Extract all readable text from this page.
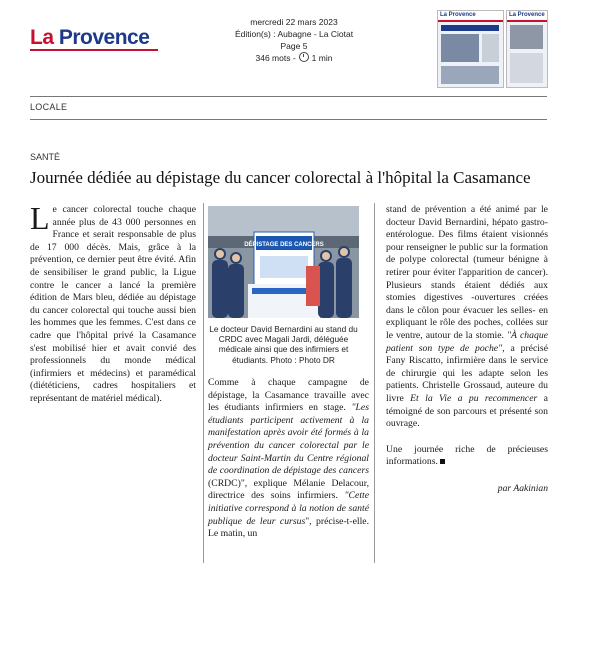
La Provence
mercredi 22 mars 2023
Édition(s) : Aubagne - La Ciotat
Page 5
346 mots - 1 min
La Provence	La Provence
LOCALE
SANTÉ
Journée dédiée au dépistage du cancer colorectal à l'hôpital la Casamance

Le cancer colorectal touche chaque année plus de 43 000 personnes en France et serait responsable de plus de 17 000 décès. Mais, grâce à la prévention, ce dernier peut être évité. Afin de sensibiliser le grand public, la Ligue contre le cancer a lancé la première édition de Mars bleu, dédiée au dépistage du cancer colorectal qui touche aussi bien les hommes que les femmes. C'est dans ce cadre que l'hôpital privé la Casamance s'est mobilisé hier et avait convié des professionnels du monde médical (infirmiers et médecins) et paramédical (diététiciens, cadres hospitaliers et représentant de matériel médical).

DÉPISTAGE DES CANCERS
Le docteur David Bernardini au stand du CRDC avec Magali Jardi, déléguée médicale ainsi que des infirmiers et étudiants. Photo : Photo DR

Comme à chaque campagne de dépistage, la Casamance travaille avec les étudiants infirmiers en stage. "Les étudiants participent activement à la manifestation après avoir été formés à la prévention du cancer colorectal par le docteur Saint-Martin du Centre régional de coordination de dépistage des cancers (CRDC)", explique Mélanie Delacour, directrice des soins infirmiers. "Cette initiative correspond à la notion de santé publique de leur cursus", précise-t-elle. Le matin, un

stand de prévention a été animé par le docteur David Bernardini, hépato gastro-entérologue. Des films étaient visionnés pour renseigner le public sur la formation de polype colorectal (tumeur bénigne à retirer pour éviter l'apparition de cancer). Plusieurs stands étaient dédiés aux stomies digestives -ouvertures créées dans le côlon pour évacuer les selles- en expliquant le rôle des poches, collées sur le ventre, autour de la stomie. "À chaque patient son type de poche", a précisé Fany Riscatto, infirmière dans le service de chirurgie qui les adapte selon les patients. Christelle Grossaud, auteure du livre Et la Vie a pu recommencer a témoigné de son parcours et présenté son ouvrage.

Une journée riche de précieuses informations.

par Aakinian
